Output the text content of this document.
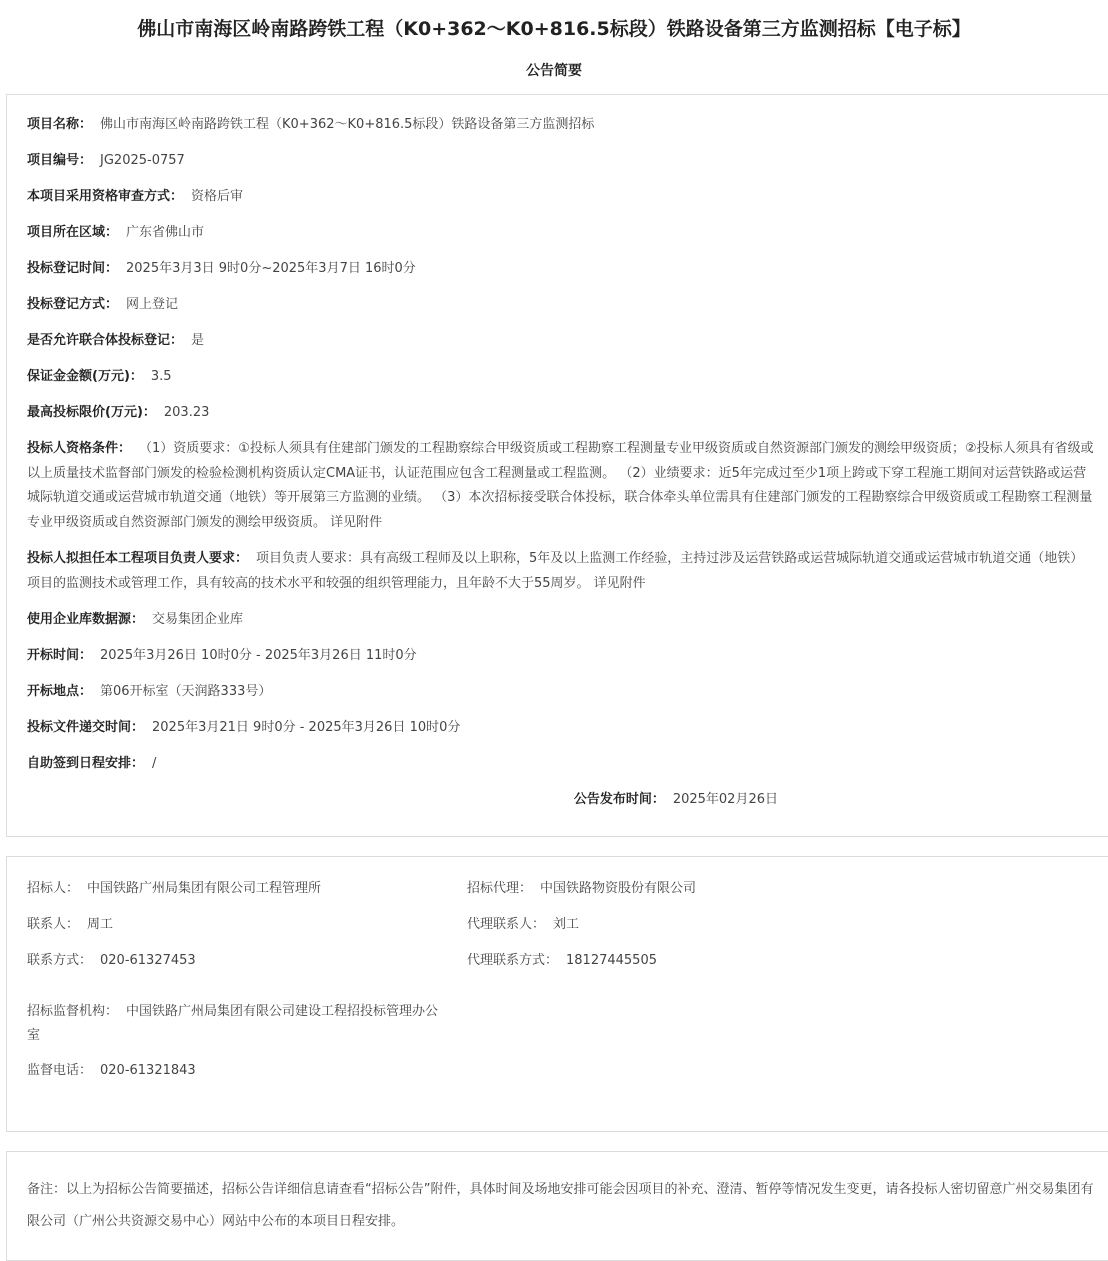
佛山市南海区岭南路跨铁工程（K0+362～K0+816.5标段）铁路设备第三方监测招标【电子标】
公告简要
项目名称： 佛山市南海区岭南路跨铁工程（K0+362～K0+816.5标段）铁路设备第三方监测招标
项目编号： JG2025-0757
本项目采用资格审查方式： 资格后审
项目所在区域： 广东省佛山市
投标登记时间： 2025年3月3日 9时0分~2025年3月7日 16时0分
投标登记方式： 网上登记
是否允许联合体投标登记： 是
保证金金额(万元)： 3.5
最高投标限价(万元)： 203.23
投标人资格条件： （1）资质要求：①投标人须具有住建部门颁发的工程勘察综合甲级资质或工程勘察工程测量专业甲级资质或自然资源部门颁发的测绘甲级资质；②投标人须具有省级或以上质量技术监督部门颁发的检验检测机构资质认定CMA证书，认证范围应包含工程测量或工程监测。 （2）业绩要求：近5年完成过至少1项上跨或下穿工程施工期间对运营铁路或运营城际轨道交通或运营城市轨道交通（地铁）等开展第三方监测的业绩。 （3）本次招标接受联合体投标，联合体牵头单位需具有住建部门颁发的工程勘察综合甲级资质或工程勘察工程测量专业甲级资质或自然资源部门颁发的测绘甲级资质。 详见附件
投标人拟担任本工程项目负责人要求： 项目负责人要求：具有高级工程师及以上职称，5年及以上监测工作经验，主持过涉及运营铁路或运营城际轨道交通或运营城市轨道交通（地铁）项目的监测技术或管理工作，具有较高的技术水平和较强的组织管理能力，且年龄不大于55周岁。 详见附件
使用企业库数据源： 交易集团企业库
开标时间： 2025年3月26日 10时0分 - 2025年3月26日 11时0分
开标地点： 第06开标室（天润路333号）
投标文件递交时间： 2025年3月21日 9时0分 - 2025年3月26日 10时0分
自助签到日程安排： /
公告发布时间： 2025年02月26日
招标人： 中国铁路广州局集团有限公司工程管理所
联系人： 周工
联系方式： 020-61327453
招标监督机构： 中国铁路广州局集团有限公司建设工程招投标管理办公室
监督电话： 020-61321843
招标代理： 中国铁路物资股份有限公司
代理联系人： 刘工
代理联系方式： 18127445505
备注：以上为招标公告简要描述，招标公告详细信息请查看“招标公告”附件，具体时间及场地安排可能会因项目的补充、澄清、暂停等情况发生变更，请各投标人密切留意广州交易集团有限公司（广州公共资源交易中心）网站中公布的本项目日程安排。
